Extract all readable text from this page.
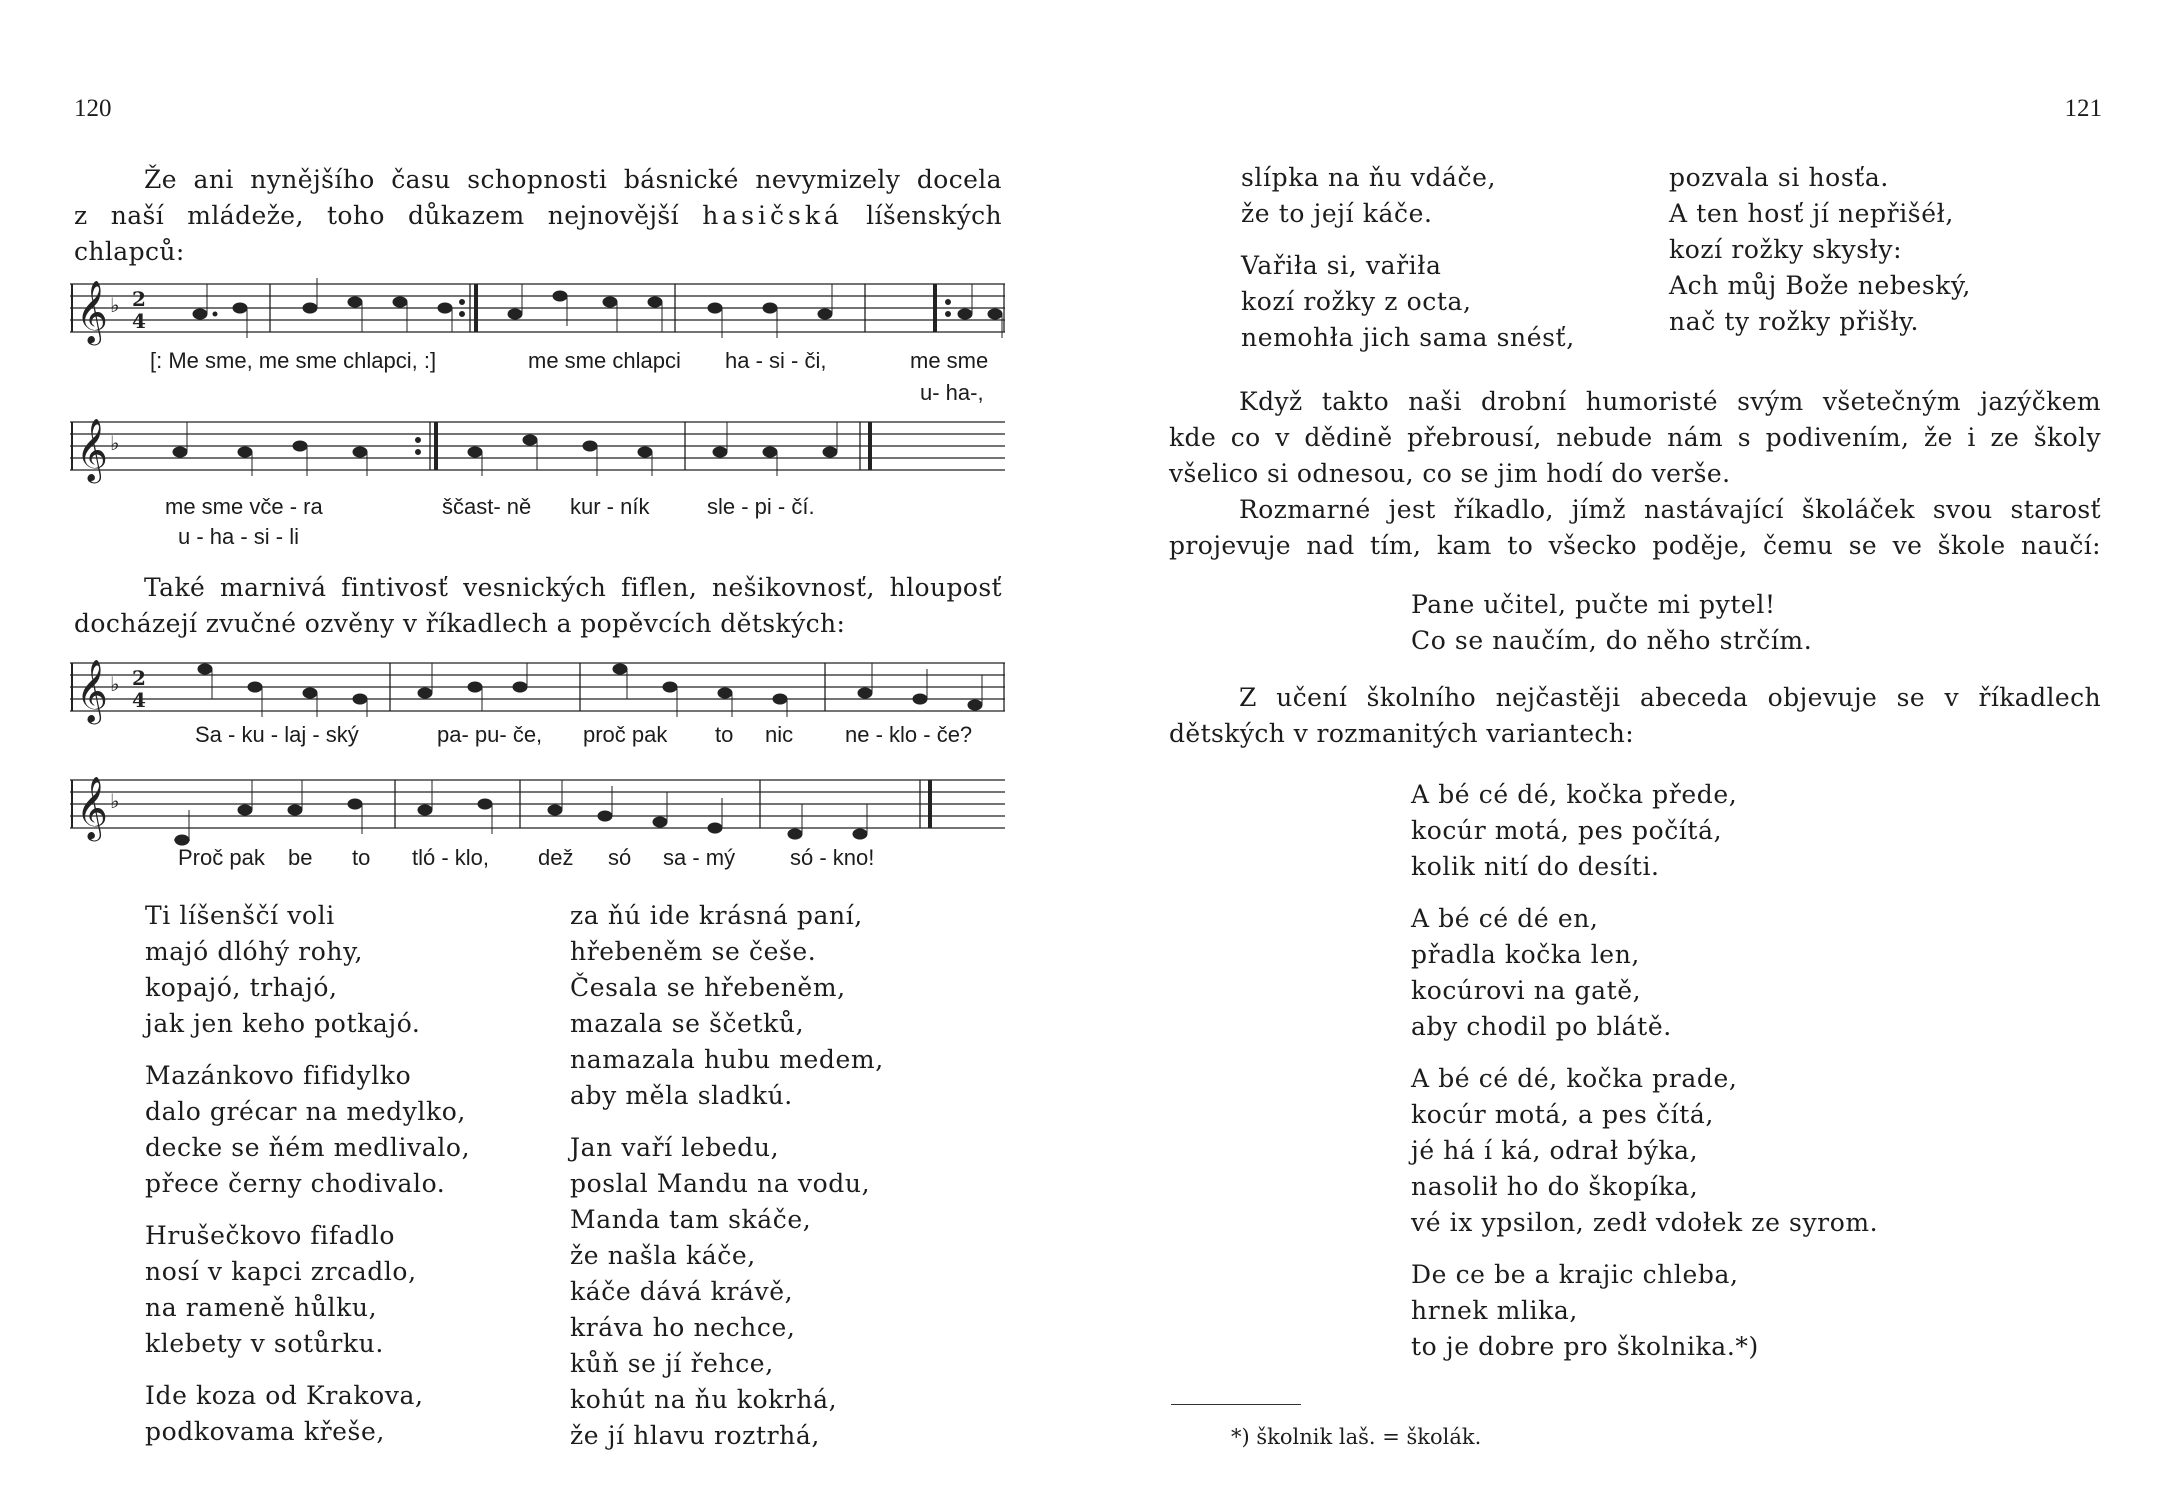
120
Že ani nynějšího času schopnosti básnické nevymizely docela
z naší mládeže, toho důkazem nejnovější hasičská líšenských
chlapců:
𝄞 ♭ 2
4
[: Me sme, me sme chlapci, :]	me sme chlapci ha - si - či,	me sme
u- ha-,
𝄞 ♭
me sme vče - ra	ščast- ně kur - ník	sle - pi - čí.
u - ha - si - li
Také marnivá fintivosť vesnických fiflen, nešikovnosť, hlouposť
docházejí zvučné ozvěny v říkadlech a popěvcích dětských:
𝄞 ♭ 2
4
Sa - ku - laj - ský	pa- pu- če, proč pak to nic ne - klo - če?
𝄞 ♭
Proč pak be to tló - klo, dež só sa - mý só - kno!
Ti líšenščí voli
majó dlóhý rohy,
kopajó, trhajó,
jak jen keho potkajó.
Mazánkovo fifidylko
dalo grécar na medylko,
decke se ňém medlivalo,
přece černy chodivalo.
Hrušečkovo fifadlo
nosí v kapci zrcadlo,
na rameně hůlku,
klebety v sotůrku.
Ide koza od Krakova,
podkovama křeše,
za ňú ide krásná paní,
hřebeněm se češe.
Česala se hřebeněm,
mazala se ščetků,
namazala hubu medem,
aby měla sladkú.
Jan vaří lebedu,
poslal Mandu na vodu,
Manda tam skáče,
že našla káče,
káče dává krávě,
kráva ho nechce,
kůň se jí řehce,
kohút na ňu kokrhá,
že jí hlavu roztrhá,
121
slípka na ňu vdáče,
že to její káče.
Vařiła si, vařiła
kozí rožky z octa,
nemohła jich sama snésť,
pozvala si hosťa.
A ten hosť jí nepřišéł,
kozí rožky skysły:
Ach můj Bože nebeský,
nač ty rožky přišły.
Když takto naši drobní humoristé svým všetečným jazýčkem
kde co v dědině přebrousí, nebude nám s podivením, že i ze školy
všelico si odnesou, co se jim hodí do verše.
Rozmarné jest říkadlo, jímž nastávající školáček svou starosť
projevuje nad tím, kam to všecko poděje, čemu se ve škole naučí:
Pane učitel, pučte mi pytel!
Co se naučím, do něho strčím.
Z učení školního nejčastěji abeceda objevuje se v říkadlech
dětských v rozmanitých variantech:
A bé cé dé, kočka přede,
kocúr motá, pes počítá,
kolik nití do desíti.
A bé cé dé en,
přadla kočka len,
kocúrovi na gatě,
aby chodil po blátě.
A bé cé dé, kočka prade,
kocúr motá, a pes čítá,
jé há í ká, odrał býka,
nasolił ho do škopíka,
vé ix ypsilon, zedł vdołek ze syrom.
De ce be a krajic chleba,
hrnek mlika,
to je dobre pro školnika.*)
*) školnik laš. = školák.
